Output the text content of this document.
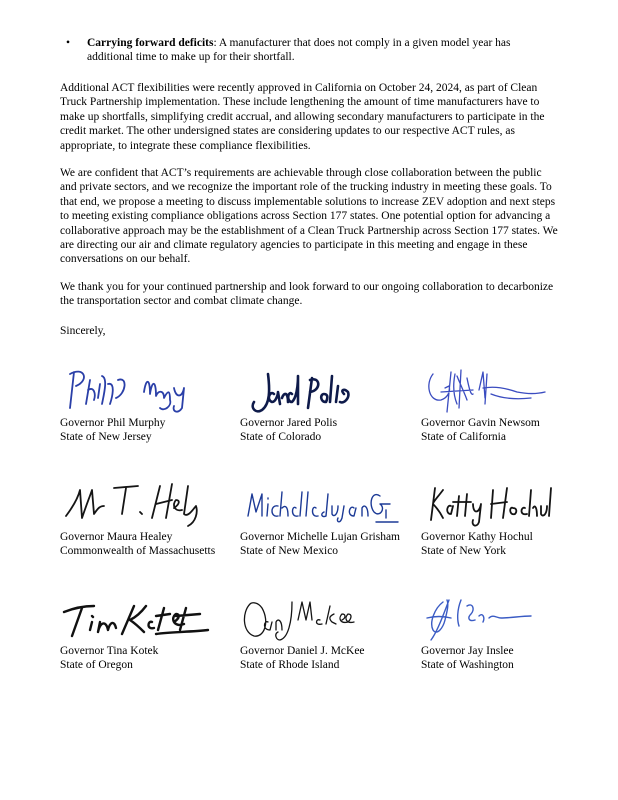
•	Carrying forward deficits: A manufacturer that does not comply in a given model year has additional time to make up for their shortfall.

Additional ACT flexibilities were recently approved in California on October 24, 2024, as part of Clean Truck Partnership implementation. These include lengthening the amount of time manufacturers have to make up shortfalls, simplifying credit accrual, and allowing secondary manufacturers to participate in the credit market. The other undersigned states are considering updates to our respective ACT rules, as appropriate, to integrate these compliance flexibilities.

We are confident that ACT’s requirements are achievable through close collaboration between the public and private sectors, and we recognize the important role of the trucking industry in meeting these goals. To that end, we propose a meeting to discuss implementable solutions to increase ZEV adoption and next steps to meeting existing compliance obligations across Section 177 states. One potential option for advancing a collaborative approach may be the establishment of a Clean Truck Partnership across Section 177 states. We are directing our air and climate regulatory agencies to participate in this meeting and engage in these conversations on our behalf.

We thank you for your continued partnership and look forward to our ongoing collaboration to decarbonize the transportation sector and combat climate change.

Sincerely,
Governor Phil Murphy
State of New Jersey
Governor Jared Polis
State of Colorado
Governor Gavin Newsom
State of California
Governor Maura Healey
Commonwealth of Massachusetts
Governor Michelle Lujan Grisham
State of New Mexico
Governor Kathy Hochul
State of New York
Governor Tina Kotek
State of Oregon
Governor Daniel J. McKee
State of Rhode Island
Governor Jay Inslee
State of Washington
